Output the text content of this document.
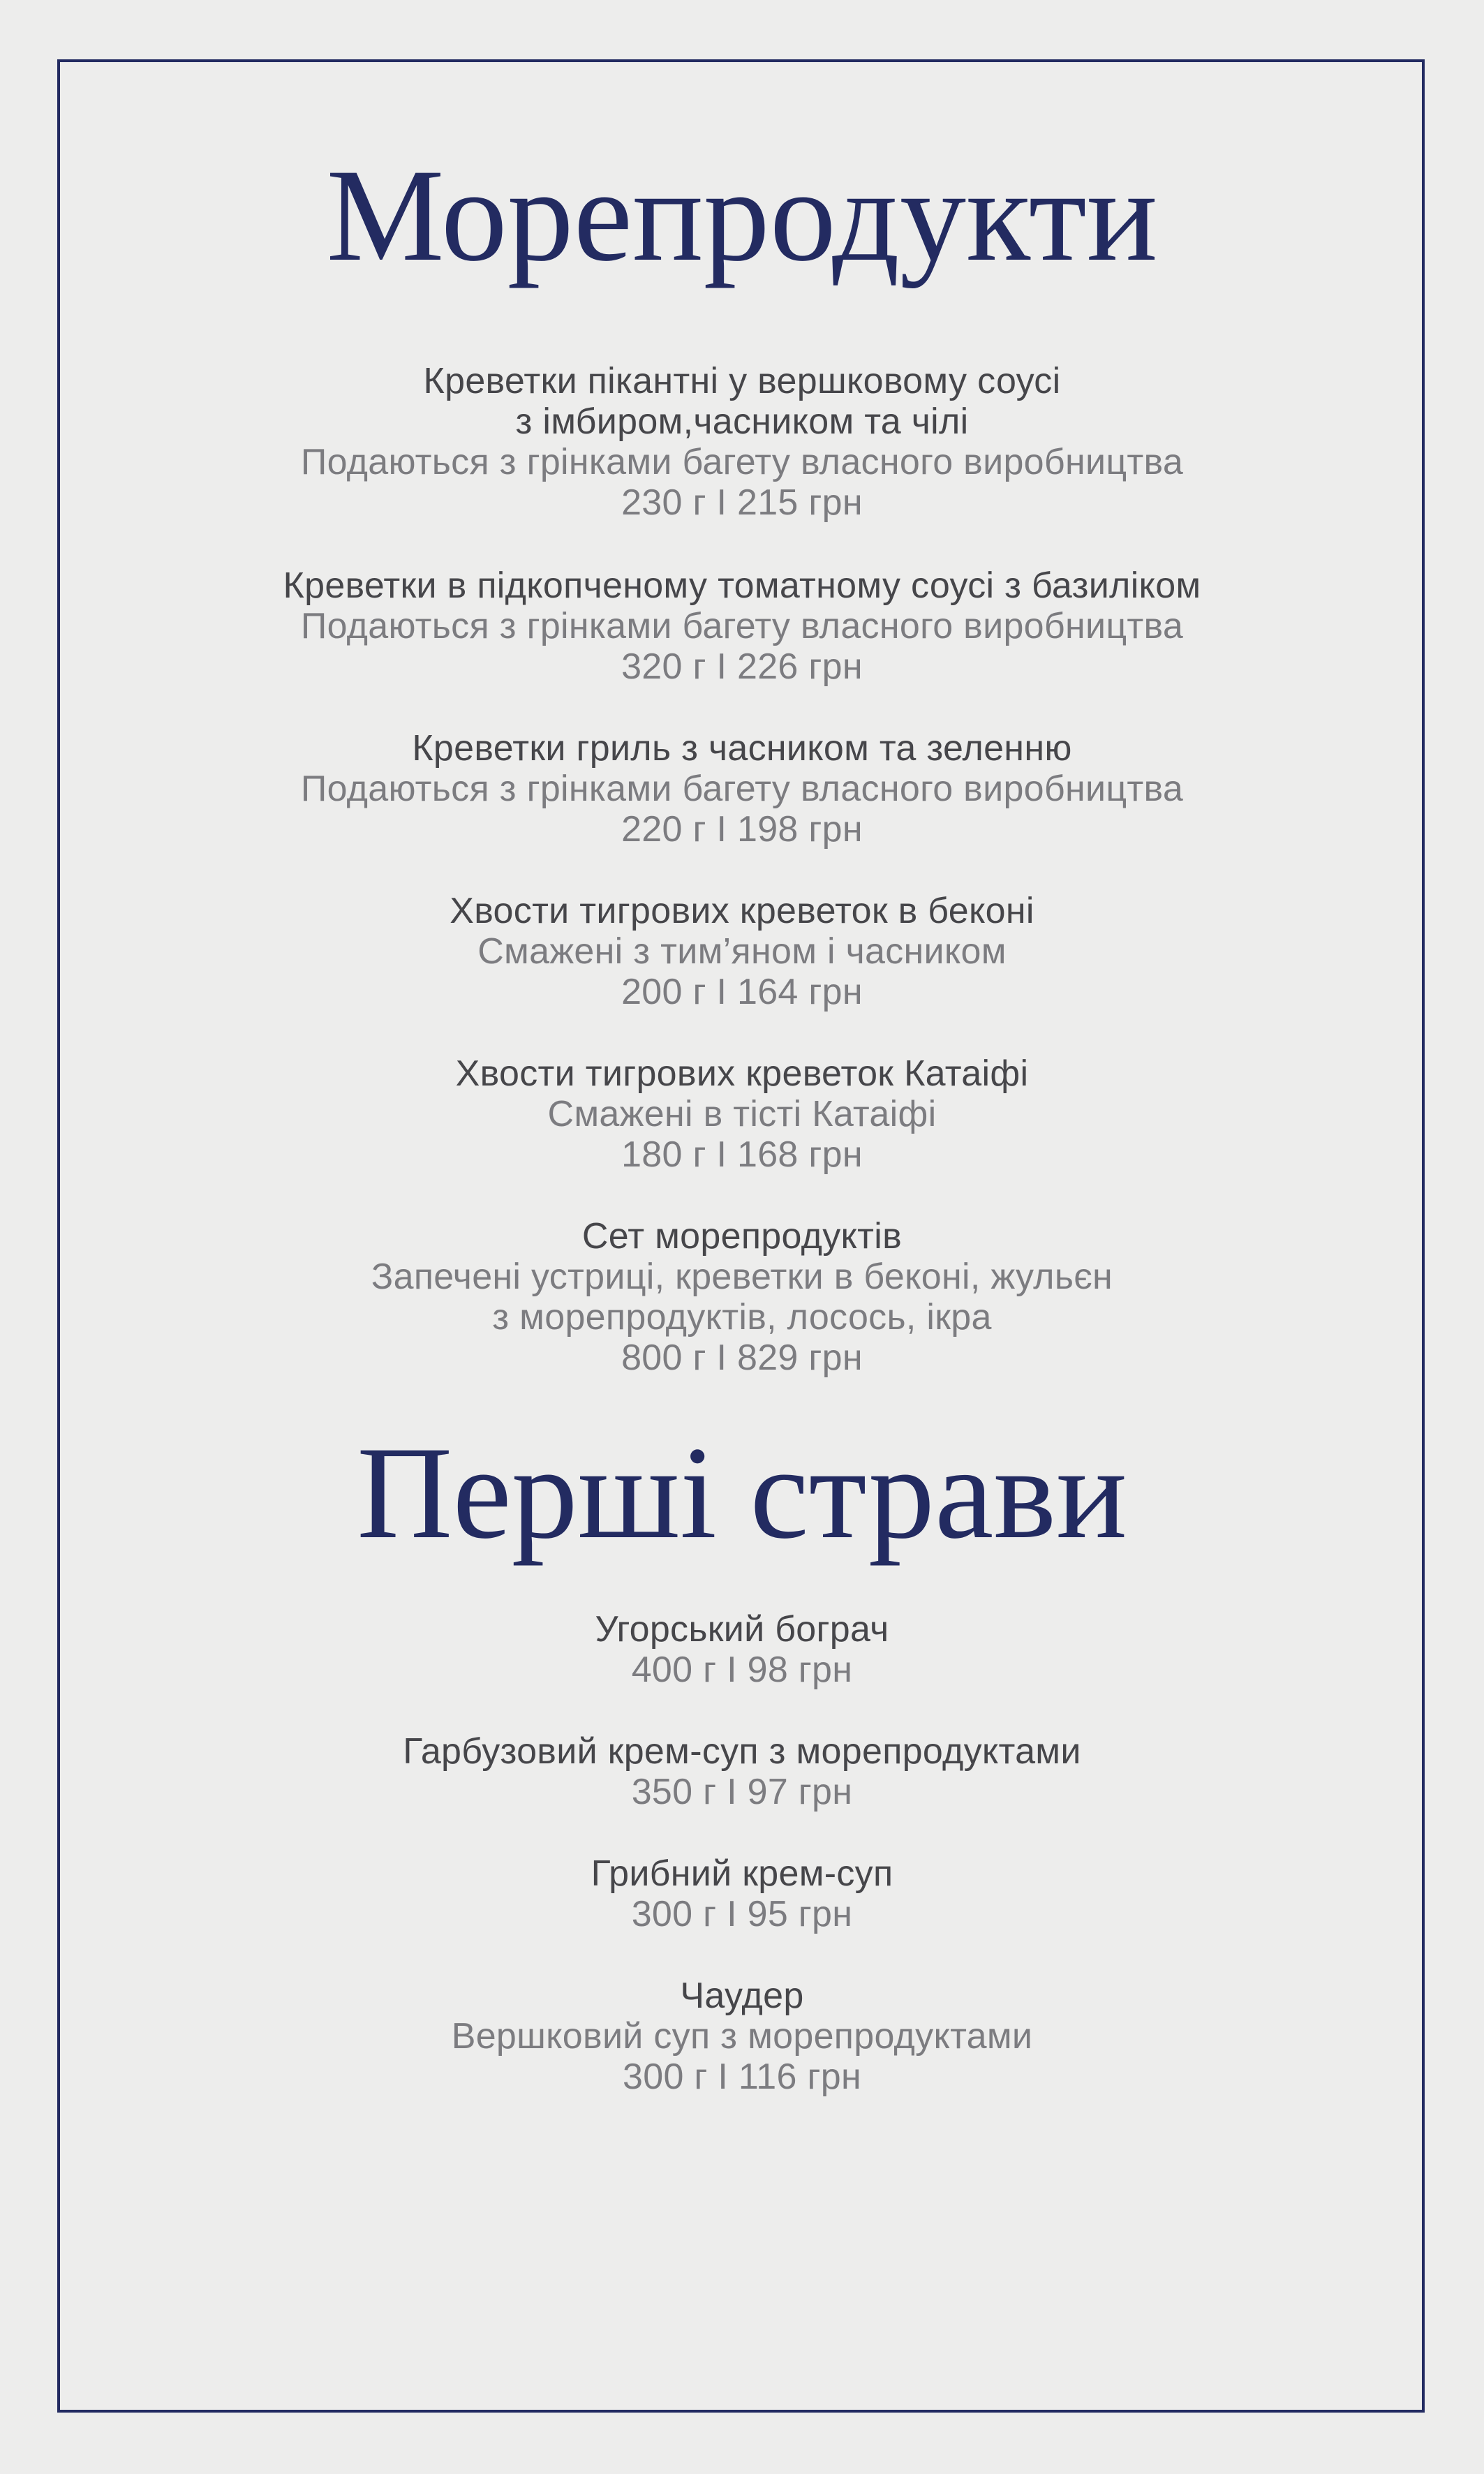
Морепродукти

Креветки пікантні у вершковому соусі

з імбиром,часником та чілі

Подаються з грінками багету власного виробництва

230 г І 215 грн

Креветки в підкопченому томатному соусі з базиліком

Подаються з грінками багету власного виробництва

320 г І 226 грн

Креветки гриль з часником та зеленню

Подаються з грінками багету власного виробництва

220 г І 198 грн

Хвости тигрових креветок в беконі

Смажені з тим’яном і часником

200 г І 164 грн

Хвости тигрових креветок Катаіфі

Смажені в тісті Катаіфі

180 г І 168 грн

Сет морепродуктів

Запечені устриці, креветки в беконі, жульєн

з морепродуктів, лосось, ікра

800 г І 829 грн

Перші страви

Угорський бограч

400 г І 98 грн

Гарбузовий крем-суп з морепродуктами

350 г І 97 грн

Грибний крем-суп

300 г І 95 грн

Чаудер

Вершковий суп з морепродуктами

300 г І 116 грн
